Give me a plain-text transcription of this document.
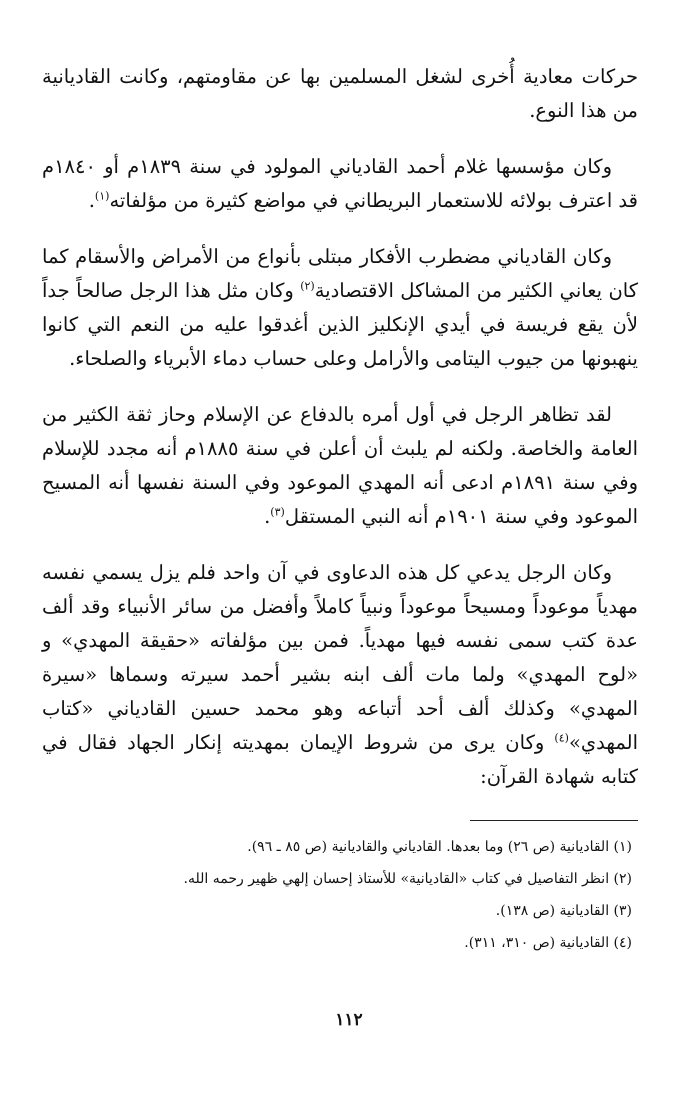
حركات معادية أُخرى لشغل المسلمين بها عن مقاومتهم، وكانت القاديانية من هذا النوع.

وكان مؤسسها غلام أحمد القادياني المولود في سنة ١٨٣٩م أو ١٨٤٠م قد اعترف بولائه للاستعمار البريطاني في مواضع كثيرة من مؤلفاته$^{(١)}$.

وكان القادياني مضطرب الأفكار مبتلى بأنواع من الأمراض والأسقام كما كان يعاني الكثير من المشاكل الاقتصادية$^{(٢)}$ وكان مثل هذا الرجل صالحاً جداً لأن يقع فريسة في أيدي الإنكليز الذين أغدقوا عليه من النعم التي كانوا ينهبونها من جيوب اليتامى والأرامل وعلى حساب دماء الأبرياء والصلحاء.

لقد تظاهر الرجل في أول أمره بالدفاع عن الإسلام وحاز ثقة الكثير من العامة والخاصة. ولكنه لم يلبث أن أعلن في سنة ١٨٨٥م أنه مجدد للإسلام وفي سنة ١٨٩١م ادعى أنه المهدي الموعود وفي السنة نفسها أنه المسيح الموعود وفي سنة ١٩٠١م أنه النبي المستقل$^{(٣)}$.

وكان الرجل يدعي كل هذه الدعاوى في آن واحد فلم يزل يسمي نفسه مهدياً موعوداً ومسيحاً موعوداً ونبياً كاملاً وأفضل من سائر الأنبياء وقد ألف عدة كتب سمى نفسه فيها مهدياً. فمن بين مؤلفاته «حقيقة المهدي» و «لوح المهدي» ولما مات ألف ابنه بشير أحمد سيرته وسماها «سيرة المهدي» وكذلك ألف أحد أتباعه وهو محمد حسين القادياني «كتاب المهدي»$^{(٤)}$ وكان يرى من شروط الإيمان بمهديته إنكار الجهاد فقال في كتابه شهادة القرآن:

(١) القاديانية (ص ٢٦) وما بعدها. القادياني والقاديانية (ص ٨٥ ـ ٩٦).
(٢) انظر التفاصيل في كتاب «القاديانية» للأستاذ إحسان إلهي ظهير رحمه الله.
(٣) القاديانية (ص ١٣٨).
(٤) القاديانية (ص ٣١٠، ٣١١).
١١٢
